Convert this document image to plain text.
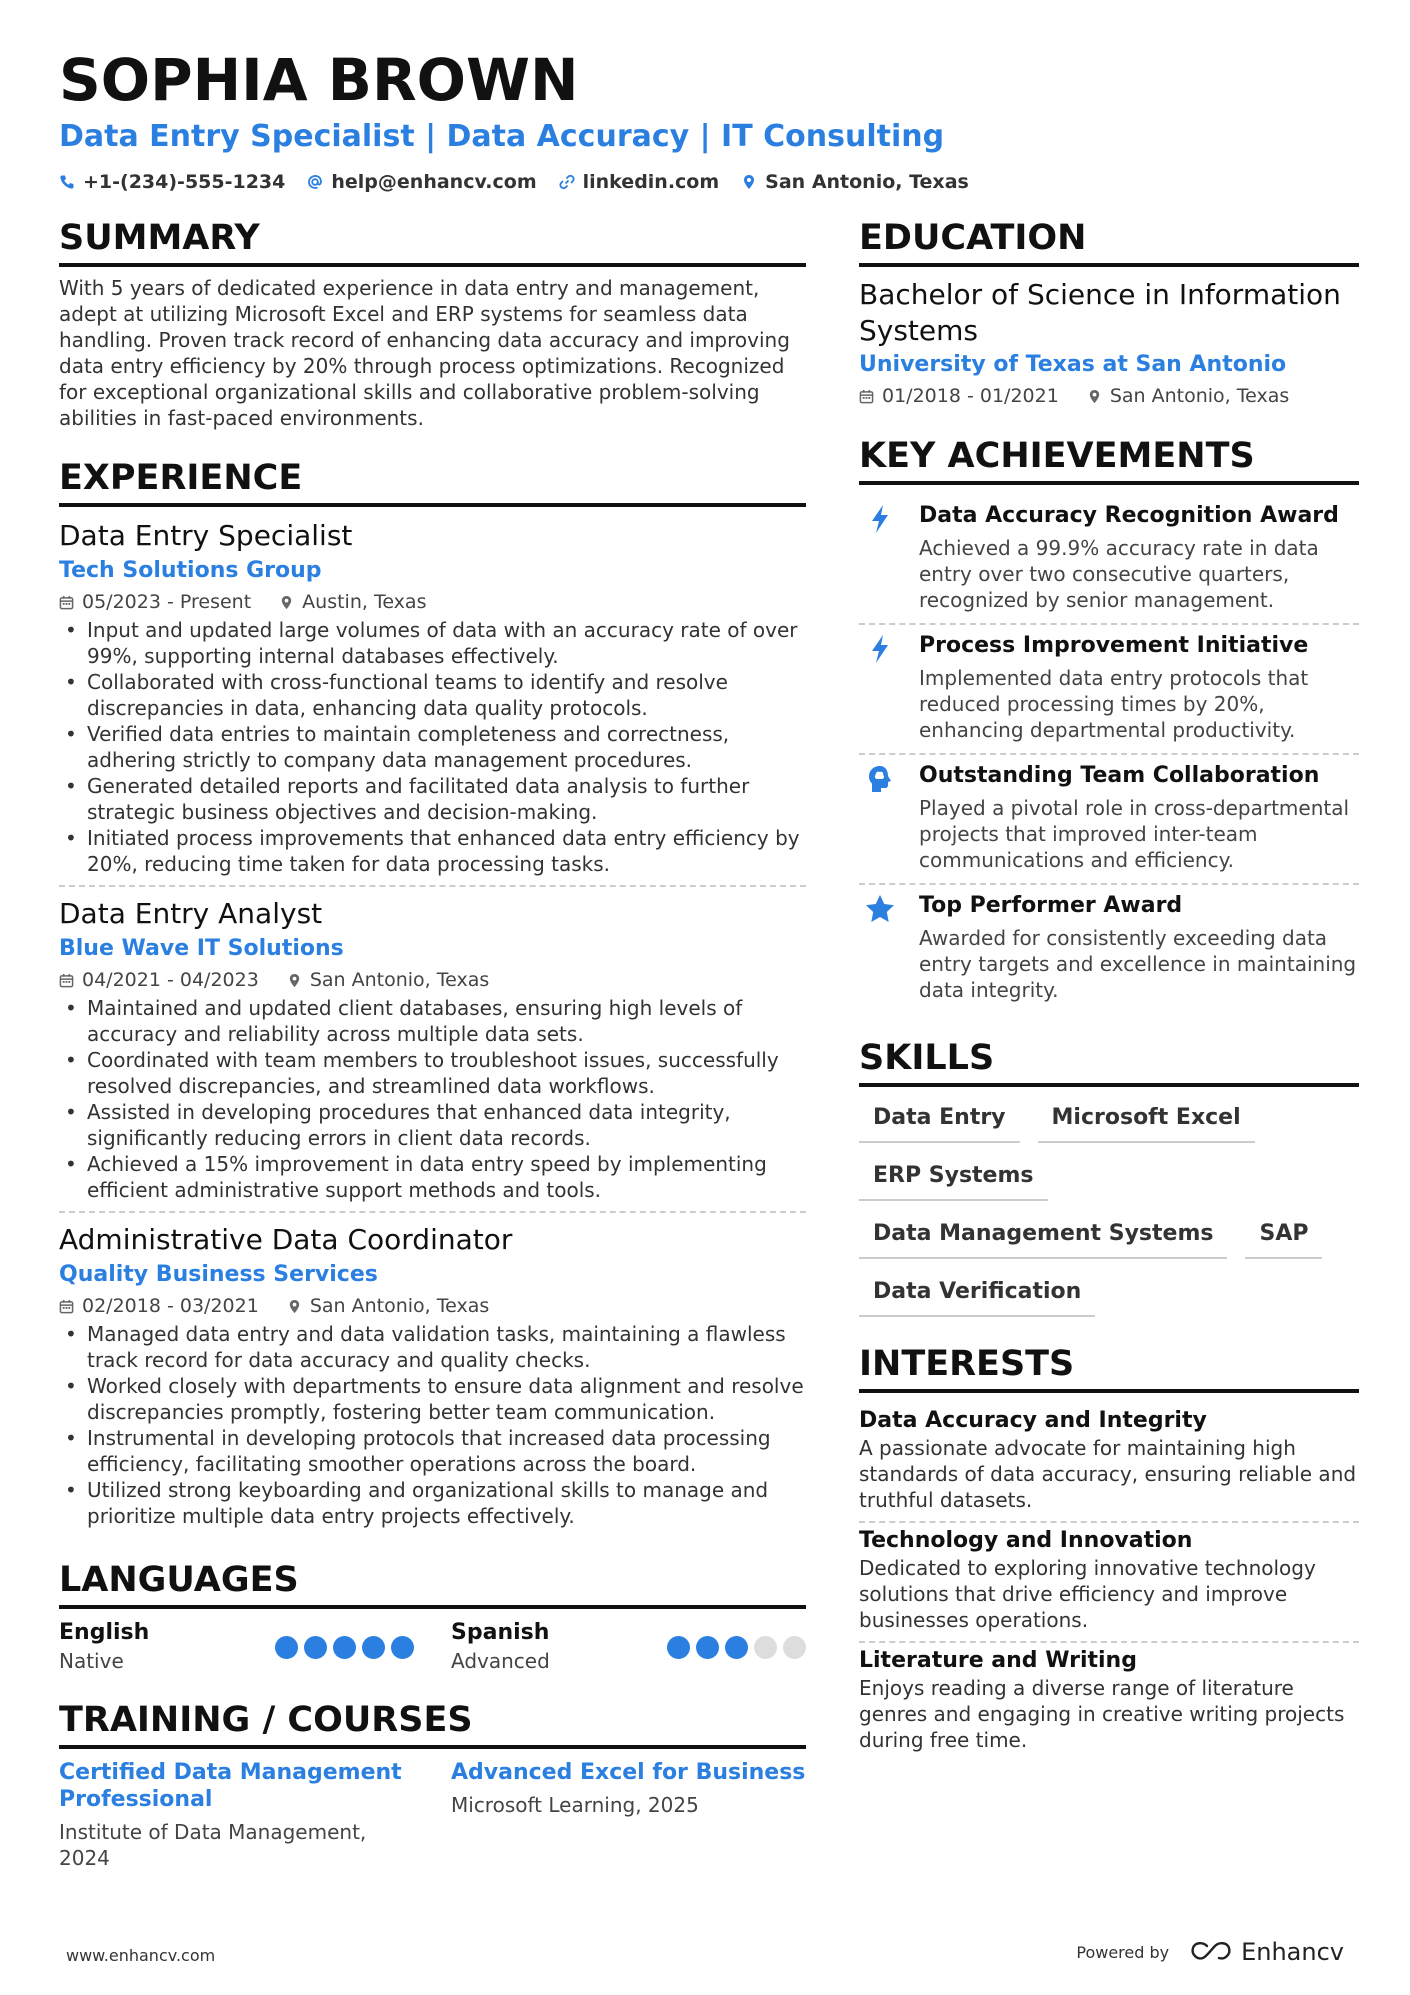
SOPHIA BROWN
Data Entry Specialist | Data Accuracy | IT Consulting
+1-(234)-555-1234 help@enhancv.com linkedin.com San Antonio, Texas
SUMMARY
With 5 years of dedicated experience in data entry and management, adept at utilizing Microsoft Excel and ERP systems for seamless data handling. Proven track record of enhancing data accuracy and improving data entry efficiency by 20% through process optimizations. Recognized for exceptional organizational skills and collaborative problem-solving abilities in fast-paced environments.
EXPERIENCE
Data Entry Specialist
Tech Solutions Group
05/2023 - Present	Austin, Texas
• Input and updated large volumes of data with an accuracy rate of over 99%, supporting internal databases effectively.
• Collaborated with cross-functional teams to identify and resolve discrepancies in data, enhancing data quality protocols.
• Verified data entries to maintain completeness and correctness, adhering strictly to company data management procedures.
• Generated detailed reports and facilitated data analysis to further strategic business objectives and decision-making.
• Initiated process improvements that enhanced data entry efficiency by 20%, reducing time taken for data processing tasks.
Data Entry Analyst
Blue Wave IT Solutions
04/2021 - 04/2023	San Antonio, Texas
• Maintained and updated client databases, ensuring high levels of accuracy and reliability across multiple data sets.
• Coordinated with team members to troubleshoot issues, successfully resolved discrepancies, and streamlined data workflows.
• Assisted in developing procedures that enhanced data integrity, significantly reducing errors in client data records.
• Achieved a 15% improvement in data entry speed by implementing efficient administrative support methods and tools.
Administrative Data Coordinator
Quality Business Services
02/2018 - 03/2021	San Antonio, Texas
• Managed data entry and data validation tasks, maintaining a flawless track record for data accuracy and quality checks.
• Worked closely with departments to ensure data alignment and resolve discrepancies promptly, fostering better team communication.
• Instrumental in developing protocols that increased data processing efficiency, facilitating smoother operations across the board.
• Utilized strong keyboarding and organizational skills to manage and prioritize multiple data entry projects effectively.
LANGUAGES
English
Native
Spanish
Advanced
TRAINING / COURSES
Certified Data Management Professional
Institute of Data Management, 2024
Advanced Excel for Business
Microsoft Learning, 2025
EDUCATION
Bachelor of Science in Information Systems
University of Texas at San Antonio
01/2018 - 01/2021	San Antonio, Texas
KEY ACHIEVEMENTS
Data Accuracy Recognition Award
Achieved a 99.9% accuracy rate in data entry over two consecutive quarters, recognized by senior management.
Process Improvement Initiative
Implemented data entry protocols that reduced processing times by 20%, enhancing departmental productivity.
Outstanding Team Collaboration
Played a pivotal role in cross-departmental projects that improved inter-team communications and efficiency.
Top Performer Award
Awarded for consistently exceeding data entry targets and excellence in maintaining data integrity.
SKILLS
Data Entry	Microsoft Excel
ERP Systems
Data Management Systems	SAP
Data Verification
INTERESTS
Data Accuracy and Integrity
A passionate advocate for maintaining high standards of data accuracy, ensuring reliable and truthful datasets.
Technology and Innovation
Dedicated to exploring innovative technology solutions that drive efficiency and improve businesses operations.
Literature and Writing
Enjoys reading a diverse range of literature genres and engaging in creative writing projects during free time.
www.enhancv.com	Powered by	Enhancv
